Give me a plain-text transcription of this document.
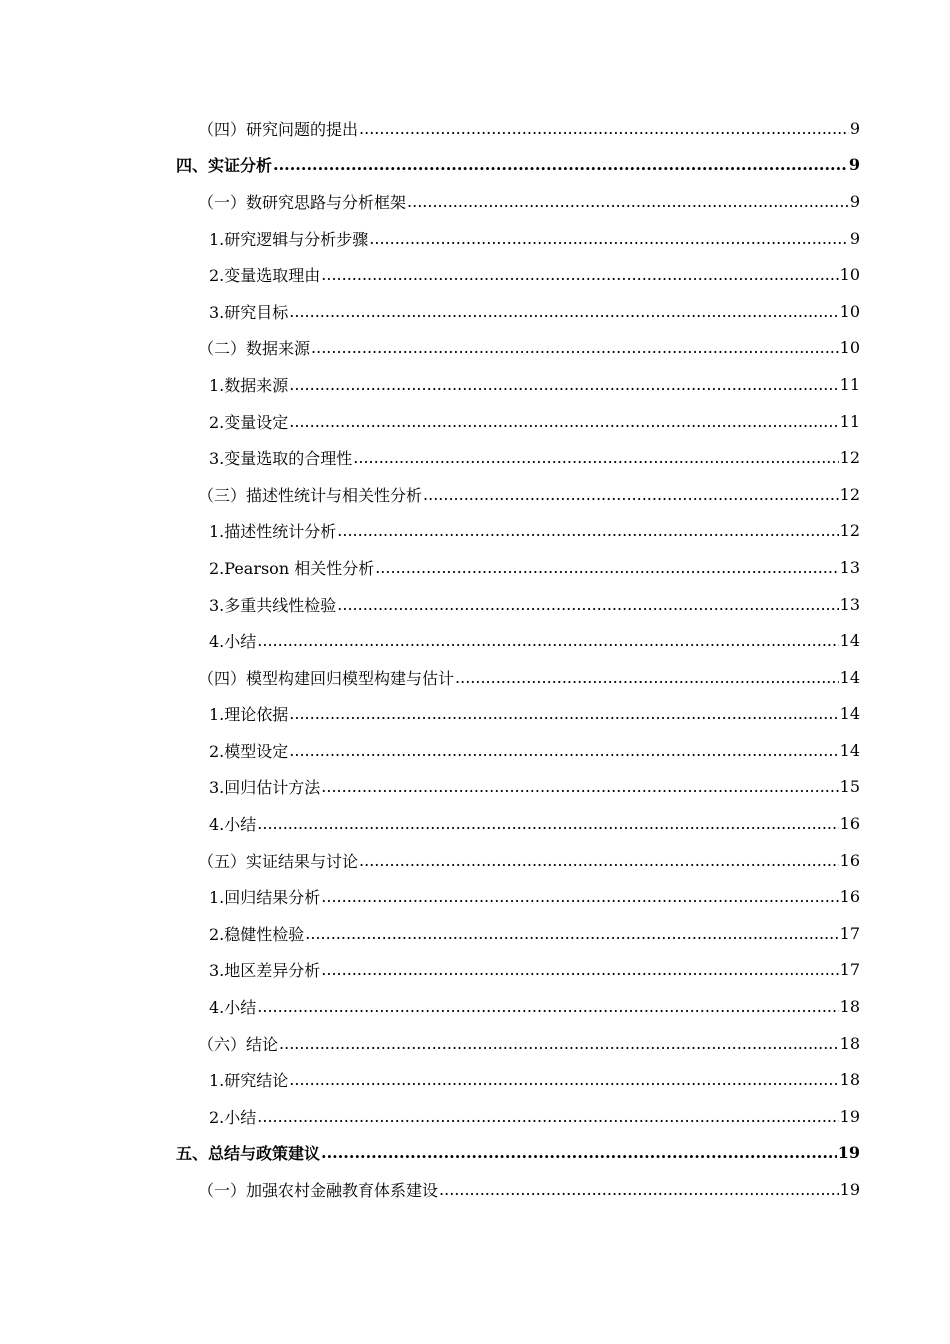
（四）研究问题的提出 .....	9
四、实证分析 .....	9
（一）数研究思路与分析框架 .....	9
1.研究逻辑与分析步骤 .....	9
2.变量选取理由 .....	10
3.研究目标 .....	10
（二）数据来源 .....	10
1.数据来源 .....	11
2.变量设定 .....	11
3.变量选取的合理性 .....	12
（三）描述性统计与相关性分析 .....	12
1.描述性统计分析 .....	12
2.Pearson 相关性分析 .....	13
3.多重共线性检验 .....	13
4.小结 .....	14
（四）模型构建回归模型构建与估计 .....	14
1.理论依据 .....	14
2.模型设定 .....	14
3.回归估计方法 .....	15
4.小结 .....	16
（五）实证结果与讨论 .....	16
1.回归结果分析 .....	16
2.稳健性检验 .....	17
3.地区差异分析 .....	17
4.小结 .....	18
（六）结论 .....	18
1.研究结论 .....	18
2.小结 .....	19
五、总结与政策建议 .....	19
（一）加强农村金融教育体系建设 .....	19
